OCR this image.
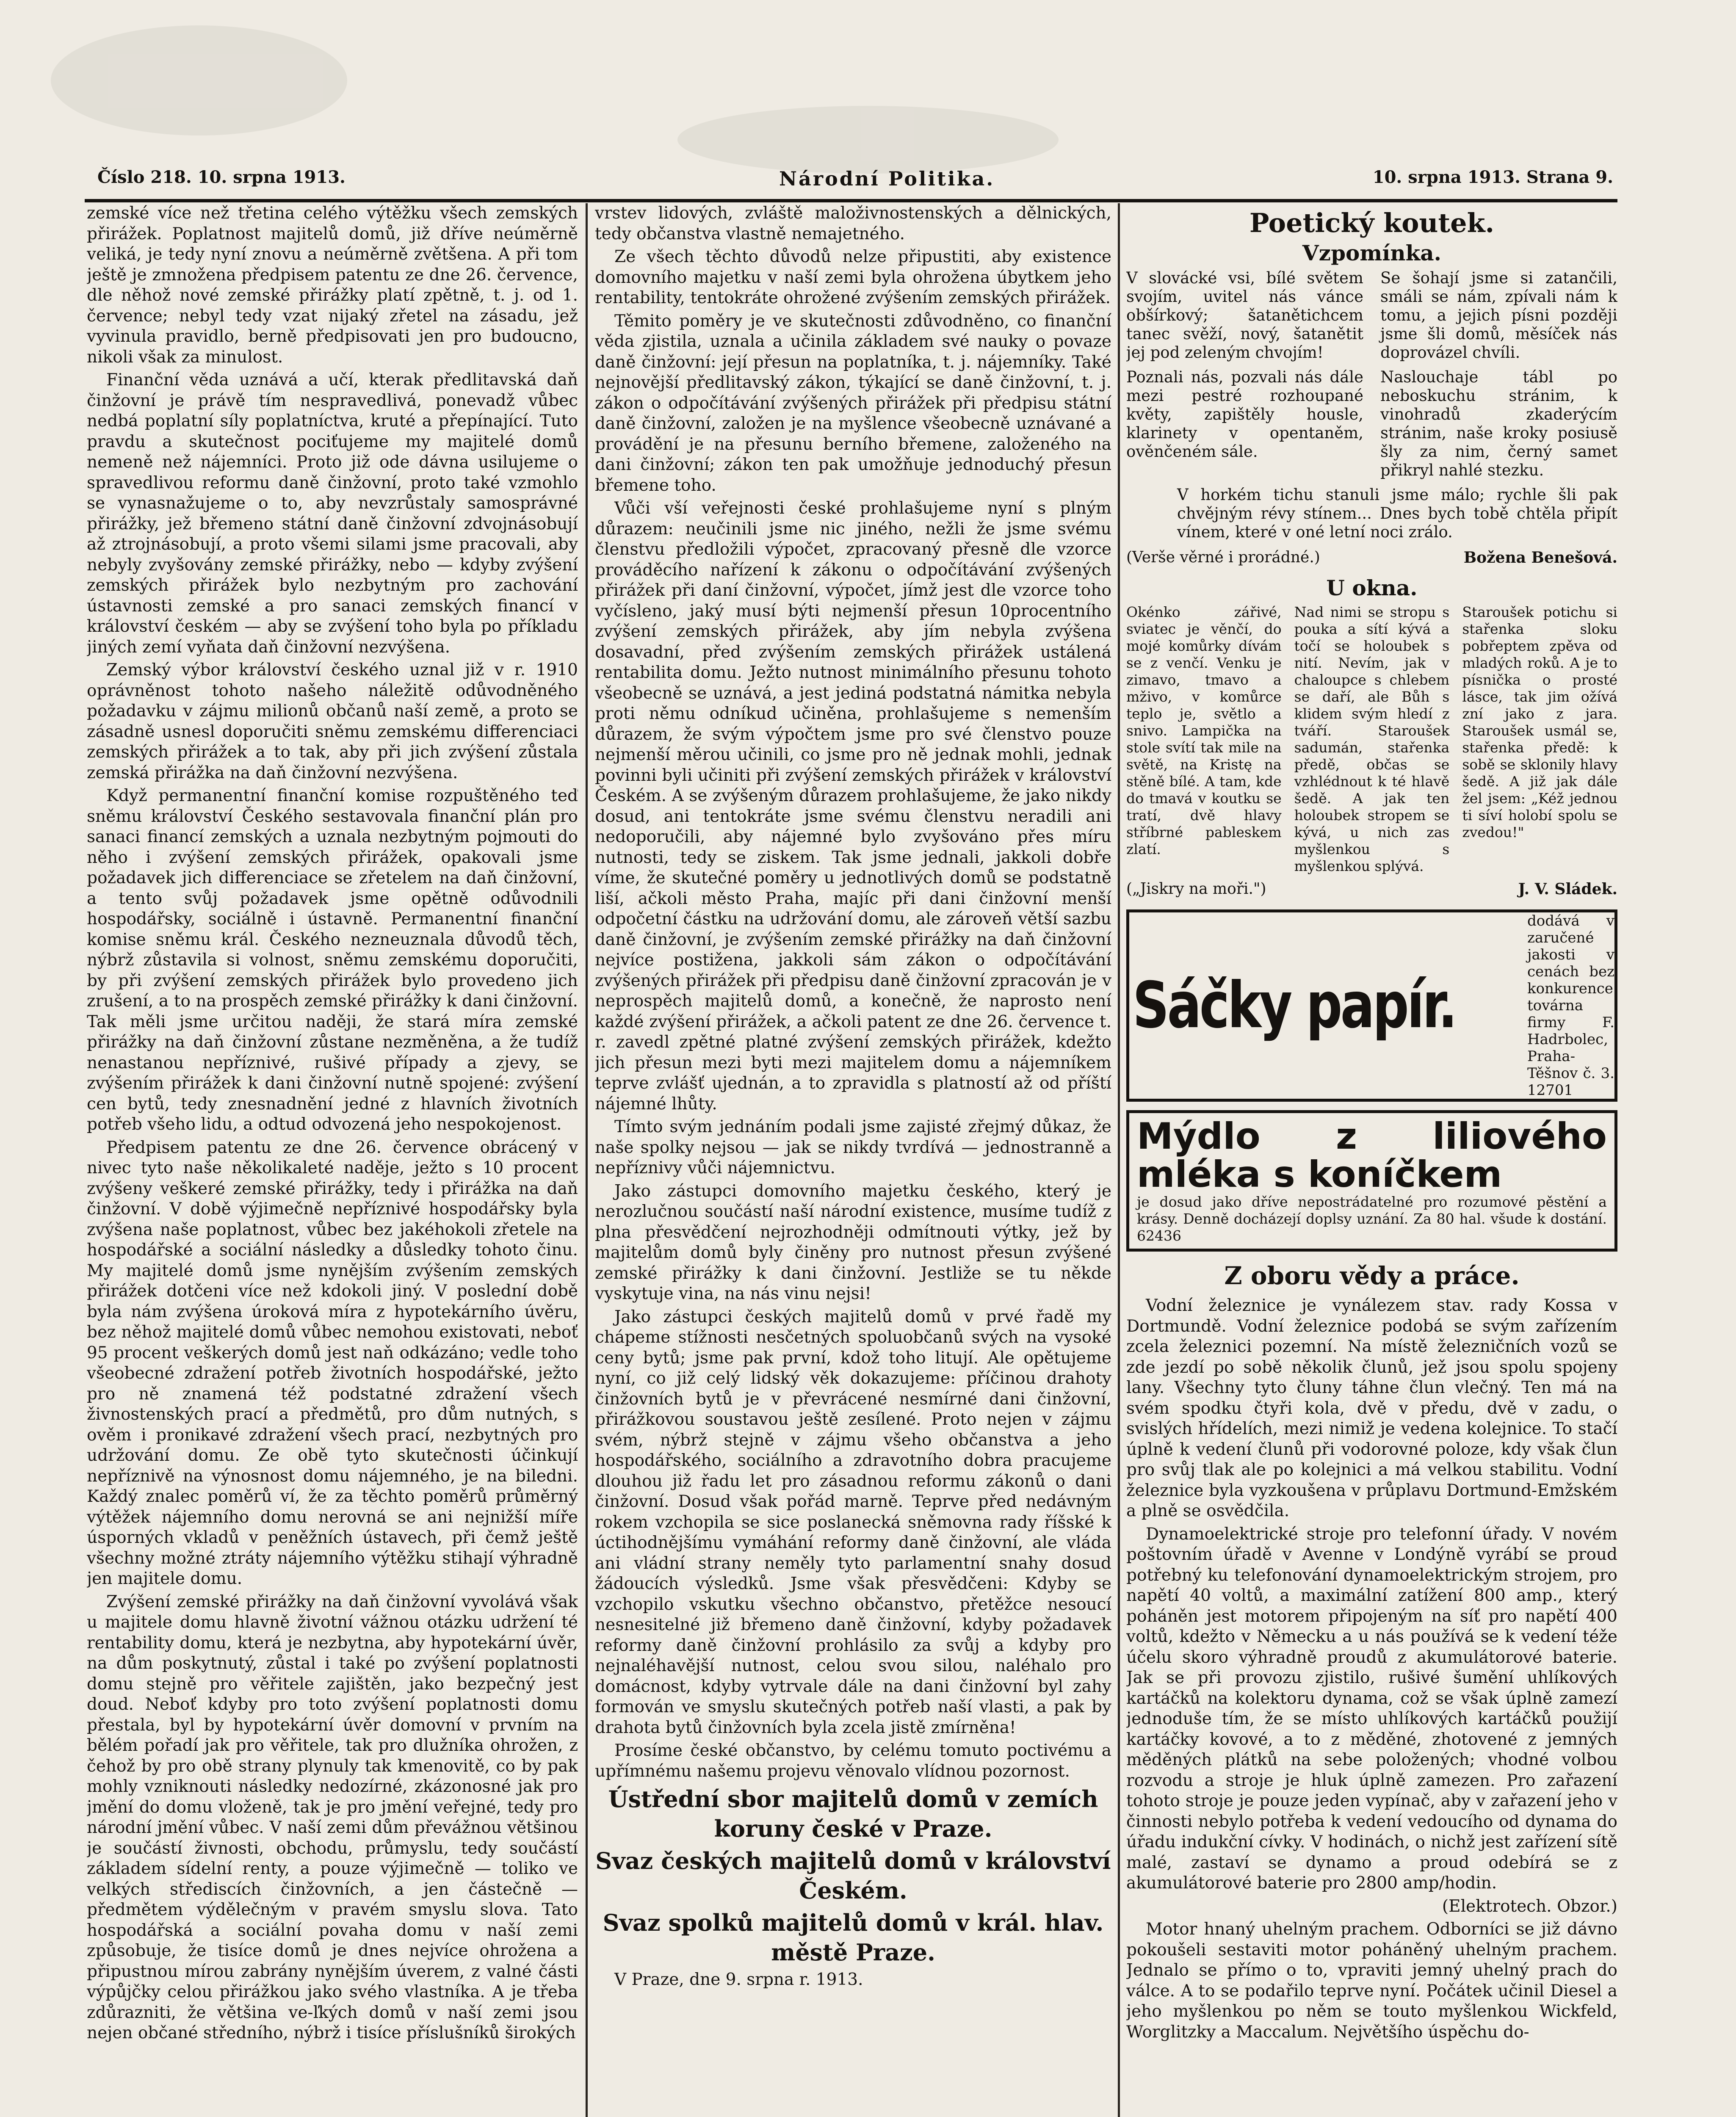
Číslo 218. 10. srpna 1913.	Národní Politika.	10. srpna 1913. Strana 9.

zemské více než třetina celého výtěžku všech zemských přirážek. Poplatnost majitelů domů, již dříve neúměrně veliká, je tedy nyní znovu a neúměrně zvětšena. A při tom ještě je zmnožena předpisem patentu ze dne 26. července, dle něhož nové zemské přirážky platí zpětně, t. j. od 1. července; nebyl tedy vzat nijaký zřetel na zásadu, jež vyvinula pravidlo, berně předpisovati jen pro budoucno, nikoli však za minulost.

Finanční věda uznává a učí, kterak předlitavská daň činžovní je právě tím nespravedlivá, ponevadž vůbec nedbá poplatní síly poplatníctva, kruté a přepínající. Tuto pravdu a skutečnost pociťujeme my majitelé domů nemeně než nájemníci. Proto již ode dávna usilujeme o spravedlivou reformu daně činžovní, proto také vzmohlo se vynasnažujeme o to, aby nevzrůstaly samosprávné přirážky, jež břemeno státní daně činžovní zdvojnásobují až ztrojnásobují, a proto všemi silami jsme pracovali, aby nebyly zvyšovány zemské přirážky, nebo — kdyby zvýšení zemských přirážek bylo nezbytným pro zachování ústavnosti zemské a pro sanaci zemských financí v království českém — aby se zvýšení toho byla po příkladu jiných zemí vyňata daň činžovní nezvýšena.

Zemský výbor království českého uznal již v r. 1910 oprávněnost tohoto našeho náležitě odůvodněného požadavku v zájmu milionů občanů naší země, a proto se zásadně usnesl doporučiti sněmu zemskému differenciaci zemských přirážek a to tak, aby při jich zvýšení zůstala zemská přirážka na daň činžovní nezvýšena.

Když permanentní finanční komise rozpuštěného teď sněmu království Českého sestavovala finanční plán pro sanaci financí zemských a uznala nezbytným pojmouti do něho i zvýšení zemských přirážek, opakovali jsme požadavek jich differenciace se zřetelem na daň činžovní, a tento svůj požadavek jsme opětně odůvodnili hospodářsky, sociálně i ústavně. Permanentní finanční komise sněmu král. Českého nezneuznala důvodů těch, nýbrž zůstavila si volnost, sněmu zemskému doporučiti, by při zvýšení zemských přirážek bylo provedeno jich zrušení, a to na prospěch zemské přirážky k dani činžovní. Tak měli jsme určitou naději, že stará míra zemské přirážky na daň činžovní zůstane nezměněna, a že tudíž nenastanou nepříznivé, rušivé případy a zjevy, se zvýšením přirážek k dani činžovní nutně spojené: zvýšení cen bytů, tedy znesnadnění jedné z hlavních životních potřeb všeho lidu, a odtud odvozená jeho nespokojenost.

Předpisem patentu ze dne 26. července obrácený v nivec tyto naše několikaleté naděje, ježto s 10 procent zvýšeny veškeré zemské přirážky, tedy i přirážka na daň činžovní. V době výjimečně nepříznivé hospodářsky byla zvýšena naše poplatnost, vůbec bez jakéhokoli zřetele na hospodářské a sociální následky a důsledky tohoto činu. My majitelé domů jsme nynějším zvýšením zemských přirážek dotčeni více než kdokoli jiný. V poslední době byla nám zvýšena úroková míra z hypotekárního úvěru, bez něhož majitelé domů vůbec nemohou existovati, neboť 95 procent veškerých domů jest naň odkázáno; vedle toho všeobecné zdražení potřeb životních hospodářské, ježto pro ně znamená též podstatné zdražení všech živnostenských prací a předmětů, pro dům nutných, s ověm i pronikavé zdražení všech prací, nezbytných pro udržování domu. Ze obě tyto skutečnosti účinkují nepříznivě na výnosnost domu nájemného, je na biledni. Každý znalec poměrů ví, že za těchto poměrů průměrný výtěžek nájemního domu nerovná se ani nejnižší míře úsporných vkladů v peněžních ústavech, při čemž ještě všechny možné ztráty nájemního výtěžku stihají výhradně jen majitele domu.

Zvýšení zemské přirážky na daň činžovní vyvolává však u majitele domu hlavně životní vážnou otázku udržení té rentability domu, která je nezbytna, aby hypotekární úvěr, na dům poskytnutý, zůstal i také po zvýšení poplatnosti domu stejně pro věřitele zajištěn, jako bezpečný jest doud. Neboť kdyby pro toto zvýšení poplatnosti domu přestala, byl by hypotekární úvěr domovní v prvním na bělém pořadí jak pro věřitele, tak pro dlužníka ohrožen, z čehož by pro obě strany plynuly tak kmenovitě, co by pak mohly vzniknouti následky nedozírné, zkázonosné jak pro jmění do domu vloženě, tak je pro jmění veřejné, tedy pro národní jmění vůbec. V naší zemi dům převážnou většinou je součástí živnosti, obchodu, průmyslu, tedy součástí základem sídelní renty, a pouze výjimečně — toliko ve velkých střediscích činžovních, a jen částečně — předmětem výdělečným v pravém smyslu slova. Tato hospodářská a sociální povaha domu v naší zemi způsobuje, že tisíce domů je dnes nejvíce ohrožena a připustnou mírou zabrány nynějším úverem, z valné části výpůjčky celou přirážkou jako svého vlastníka. A je třeba zdůrazniti, že většina ve-ľkých domů v naší zemi jsou nejen občané středního, nýbrž i tisíce příslušníků širokých

vrstev lidových, zvláště maloživnostenských a dělnických, tedy občanstva vlastně nemajetného.

Ze všech těchto důvodů nelze připustiti, aby existence domovního majetku v naší zemi byla ohrožena úbytkem jeho rentability, tentokráte ohrožené zvýšením zemských přirážek.

Těmito poměry je ve skutečnosti zdůvodněno, co finanční věda zjistila, uznala a učinila základem své nauky o povaze daně činžovní: její přesun na poplatníka, t. j. nájemníky. Také nejnovější předlitavský zákon, týkající se daně činžovní, t. j. zákon o odpočítávání zvýšených přirážek při předpisu státní daně činžovní, založen je na myšlence všeobecně uznávané a provádění je na přesunu berního břemene, založeného na dani činžovní; zákon ten pak umožňuje jednoduchý přesun břemene toho.

Vůči vší veřejnosti české prohlašujeme nyní s plným důrazem: neučinili jsme nic jiného, nežli že jsme svému členstvu předložili výpočet, zpracovaný přesně dle vzorce prováděcího nařízení k zákonu o odpočítávání zvýšených přirážek při daní činžovní, výpočet, jímž jest dle vzorce toho vyčísleno, jaký musí býti nejmenší přesun 10procentního zvýšení zemských přirážek, aby jím nebyla zvýšena dosavadní, před zvýšením zemských přirážek ustálená rentabilita domu. Ježto nutnost minimálního přesunu tohoto všeobecně se uznává, a jest jediná podstatná námitka nebyla proti němu odníkud učiněna, prohlašujeme s nemenším důrazem, že svým výpočtem jsme pro své členstvo pouze nejmenší měrou učinili, co jsme pro ně jednak mohli, jednak povinni byli učiniti při zvýšení zemských přirážek v království Českém. A se zvýšeným důrazem prohlašujeme, že jako nikdy dosud, ani tentokráte jsme svému členstvu neradili ani nedoporučili, aby nájemné bylo zvyšováno přes míru nutnosti, tedy se ziskem. Tak jsme jednali, jakkoli dobře víme, že skutečné poměry u jednotlivých domů se podstatně liší, ačkoli město Praha, majíc při dani činžovní menší odpočetní částku na udržování domu, ale zároveň větší sazbu daně činžovní, je zvýšením zemské přirážky na daň činžovní nejvíce postižena, jakkoli sám zákon o odpočítávání zvýšených přirážek při předpisu daně činžovní zpracován je v neprospěch majitelů domů, a konečně, že naprosto není každé zvýšení přirážek, a ačkoli patent ze dne 26. července t. r. zavedl zpětné platné zvýšení zemských přirážek, kdežto jich přesun mezi byti mezi majitelem domu a nájemníkem teprve zvlášť ujednán, a to zpravidla s platností až od příští nájemné lhůty.

Tímto svým jednáním podali jsme zajisté zřejmý důkaz, že naše spolky nejsou — jak se nikdy tvrdívá — jednostranně a nepříznivy vůči nájemnictvu.

Jako zástupci domovního majetku českého, který je nerozlučnou součástí naší národní existence, musíme tudíž z plna přesvědčení nejrozhodněji odmítnouti výtky, jež by majitelům domů byly činěny pro nutnost přesun zvýšené zemské přirážky k dani činžovní. Jestliže se tu někde vyskytuje vina, na nás vinu nejsi!

Jako zástupci českých majitelů domů v prvé řadě my chápeme stížnosti nesčetných spoluobčanů svých na vysoké ceny bytů; jsme pak první, kdož toho litují. Ale opětujeme nyní, co již celý lidský věk dokazujeme: příčinou drahoty činžovních bytů je v převrácené nesmírné dani činžovní, přirážkovou soustavou ještě zesílené. Proto nejen v zájmu svém, nýbrž stejně v zájmu všeho občanstva a jeho hospodářského, sociálního a zdravotního dobra pracujeme dlouhou již řadu let pro zásadnou reformu zákonů o dani činžovní. Dosud však pořád marně. Teprve před nedávným rokem vzchopila se sice poslanecká sněmovna rady říšské k úctihodnějšímu vymáhání reformy daně činžovní, ale vláda ani vládní strany neměly tyto parlamentní snahy dosud žádoucích výsledků. Jsme však přesvědčeni: Kdyby se vzchopilo vskutku všechno občanstvo, přetěžce nesoucí nesnesitelné již břemeno daně činžovní, kdyby požadavek reformy daně činžovní prohlásilo za svůj a kdyby pro nejnaléhavější nutnost, celou svou silou, naléhalo pro domácnost, kdyby vytrvale dále na dani činžovní byl zahy formován ve smyslu skutečných potřeb naší vlasti, a pak by drahota bytů činžovních byla zcela jistě zmírněna!

Prosíme české občanstvo, by celému tomuto poctivému a upřímnému našemu projevu věnovalo vlídnou pozornost.

Ústřední sbor majitelů domů v zemích koruny české v Praze.

Svaz českých majitelů domů v království Českém.

Svaz spolků majitelů domů v král. hlav. městě Praze.

V Praze, dne 9. srpna r. 1913.

Poetický koutek.
Vzpomínka.
V slovácké vsi, bílé světem svojím, uvitel nás vánce obšírkový; šatanětichcem tanec svěží, nový, šatanětit jej pod zeleným chvojím!
Se šohají jsme si zatančili, smáli se nám, zpívali nám k tomu, a jejich písni později jsme šli domů, měsíček nás doprovázel chvíli.
Poznali nás, pozvali nás dále mezi pestré rozhoupané květy, zapištěly housle, klarinety v opentaněm, ověnčeném sále.
Naslouchaje tábl po neboskuchu stránim, k vinohradů zkaderýcím stránim, naše kroky posiusě šly za nim, černý samet přikryl nahlé stezku.
V horkém tichu stanuli jsme málo; rychle šli pak chvějným révy stínem... Dnes bych tobě chtěla připít vínem, které v oné letní noci zrálo.
(Verše věrné i prorádné.)	Božena Benešová.
U okna.
Okénko zářivé, sviatec je věnčí, do mojé komůrky dívám se z venčí. Venku je zimavo, tmavo a mživo, v komůrce teplo je, světlo a snivo. Lampička na stole svítí tak mile na světě, na Kristę na stěně bílé. A tam, kde do tmavá v koutku se tratí, dvě hlavy stříbrné pableskem zlatí.
Nad nimi se stropu s pouka a sítí kývá a točí se holoubek s nití. Nevím, jak v chaloupce s chlebem se daří, ale Bůh s klidem svým hledí z tváří. Staroušek sadumán, stařenka předě, občas se vzhlédnout k té hlavě šedě. A jak ten holoubek stropem se kývá, u nich zas myšlenkou s myšlenkou splývá.
Staroušek potichu si stařenka sloku pobřeptem zpěva od mladých roků. A je to písnička o prosté lásce, tak jim ožívá zní jako z jara. Staroušek usmál se, stařenka předě: k sobě se sklonily hlavy šedě. A již jak dále žel jsem: „Kéž jednou ti síví holobí spolu se zvedou!"
(„Jiskry na moři.")	J. V. Sládek.
Sáčky papír.
dodává v zaručené jakosti v cenách bez konkurence továrna firmy F. Hadrbolec, Praha-Těšnov č. 3. 12701
Mýdlo z liliového mléka s koníčkem
je dosud jako dříve nepostrádatelné pro rozumové pěstění a krásy. Denně docházejí doplsy uznání. Za 80 hal. všude k dostání. 62436
Z oboru vědy a práce.

Vodní železnice je vynálezem stav. rady Kossa v Dortmundě. Vodní železnice podobá se svým zařízením zcela železnici pozemní. Na místě železničních vozů se zde jezdí po sobě několik člunů, jež jsou spolu spojeny lany. Všechny tyto čluny táhne člun vlečný. Ten má na svém spodku čtyři kola, dvě v předu, dvě v zadu, o svislých hřídelích, mezi nimiž je vedena kolejnice. To stačí úplně k vedení člunů při vodorovné poloze, kdy však člun pro svůj tlak ale po kolejnici a má velkou stabilitu. Vodní železnice byla vyzkoušena v průplavu Dortmund-Emžském a plně se osvědčila.

Dynamoelektrické stroje pro telefonní úřady. V novém poštovním úřadě v Avenne v Londýně vyrábí se proud potřebný ku telefonování dynamoelektrickým strojem, pro napětí 40 voltů, a maximální zatížení 800 amp., který poháněn jest motorem připojeným na síť pro napětí 400 voltů, kdežto v Německu a u nás používá se k vedení téže účelu skoro výhradně proudů z akumulátorové baterie. Jak se při provozu zjistilo, rušivé šumění uhlíkových kartáčků na kolektoru dynama, což se však úplně zamezí jednoduše tím, že se místo uhlíkových kartáčků použijí kartáčky kovové, a to z měděné, zhotovené z jemných měděných plátků na sebe položených; vhodné volbou rozvodu a stroje je hluk úplně zamezen. Pro zařazení tohoto stroje je pouze jeden vypínač, aby v zařazení jeho v činnosti nebylo potřeba k vedení vedoucího od dynama do úřadu indukční cívky. V hodinách, o nichž jest zařízení sítě malé, zastaví se dynamo a proud odebírá se z akumulátorové baterie pro 2800 amp/hodin.

(Elektrotech. Obzor.)

Motor hnaný uhelným prachem. Odborníci se již dávno pokoušeli sestaviti motor poháněný uhelným prachem. Jednalo se přímo o to, vpraviti jemný uhelný prach do válce. A to se podařilo teprve nyní. Počátek učinil Diesel a jeho myšlenkou po něm se touto myšlenkou Wickfeld, Worglitzky a Maccalum. Největšího úspěchu do-
